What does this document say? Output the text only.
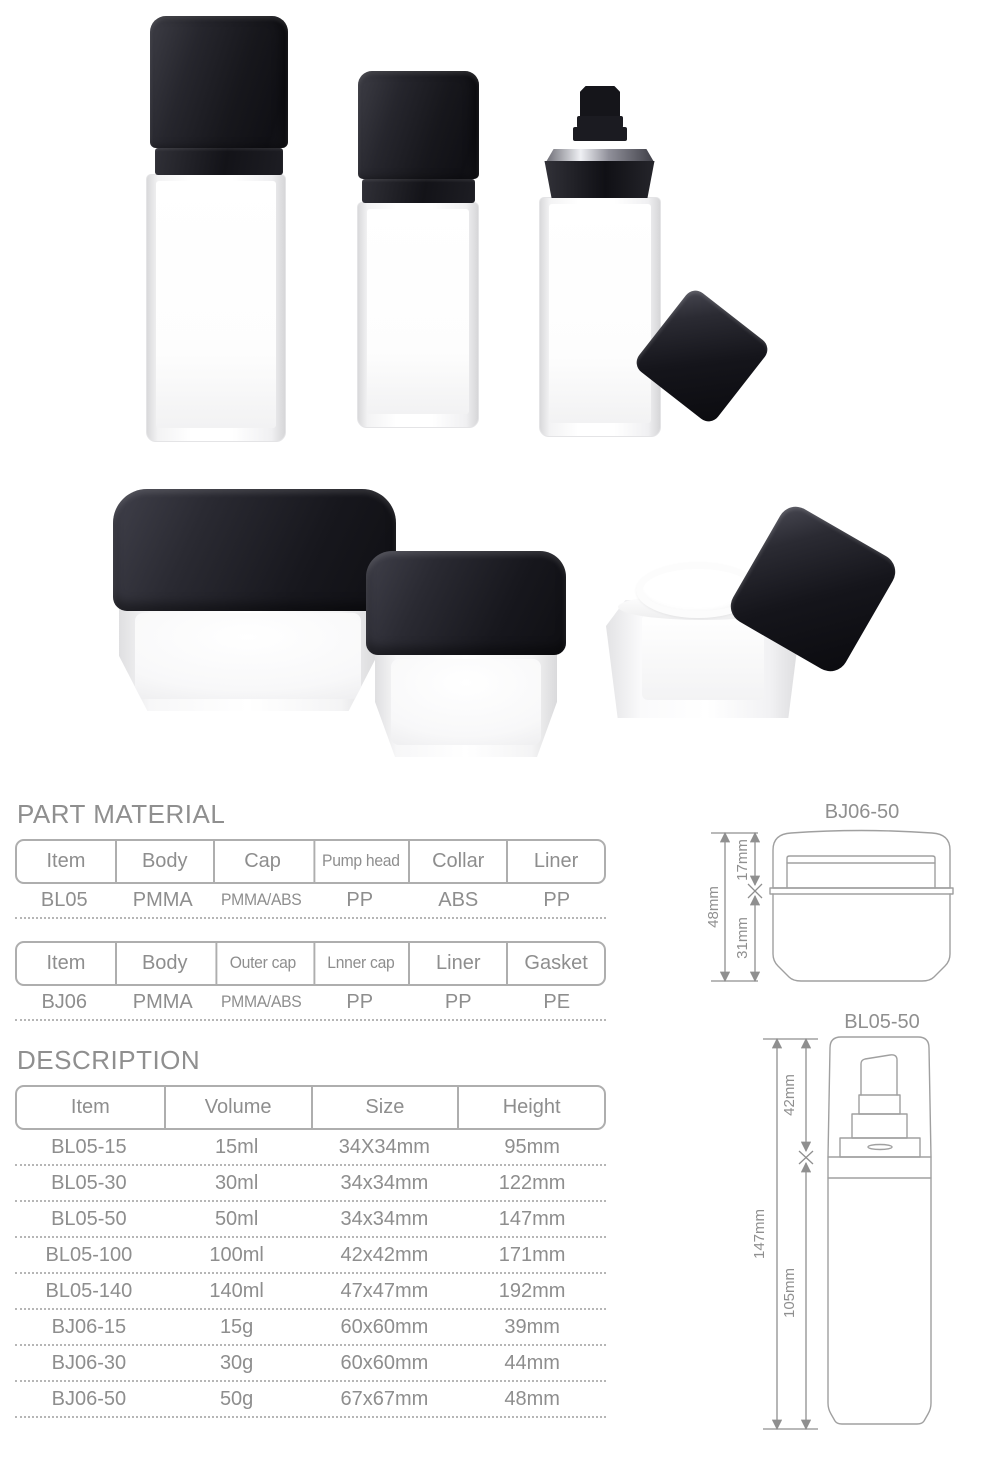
PART MATERIAL
Item	Body	Cap	Pump head	Collar	Liner
BL05	PMMA	PMMA/ABS	PP	ABS	PP
Item	Body	Outer cap	Lnner cap	Liner	Gasket
BJ06	PMMA	PMMA/ABS	PP	PP	PE
DESCRIPTION
Item	Volume	Size	Height
BL05-15	15ml	34X34mm	95mm
BL05-30	30ml	34x34mm	122mm
BL05-50	50ml	34x34mm	147mm
BL05-100	100ml	42x42mm	171mm
BL05-140	140ml	47x47mm	192mm
BJ06-15	15g	60x60mm	39mm
BJ06-30	30g	60x60mm	44mm
BJ06-50	50g	67x67mm	48mm
BJ06-50
48mm
17mm
31mm
BL05-50
42mm
147mm
105mm
